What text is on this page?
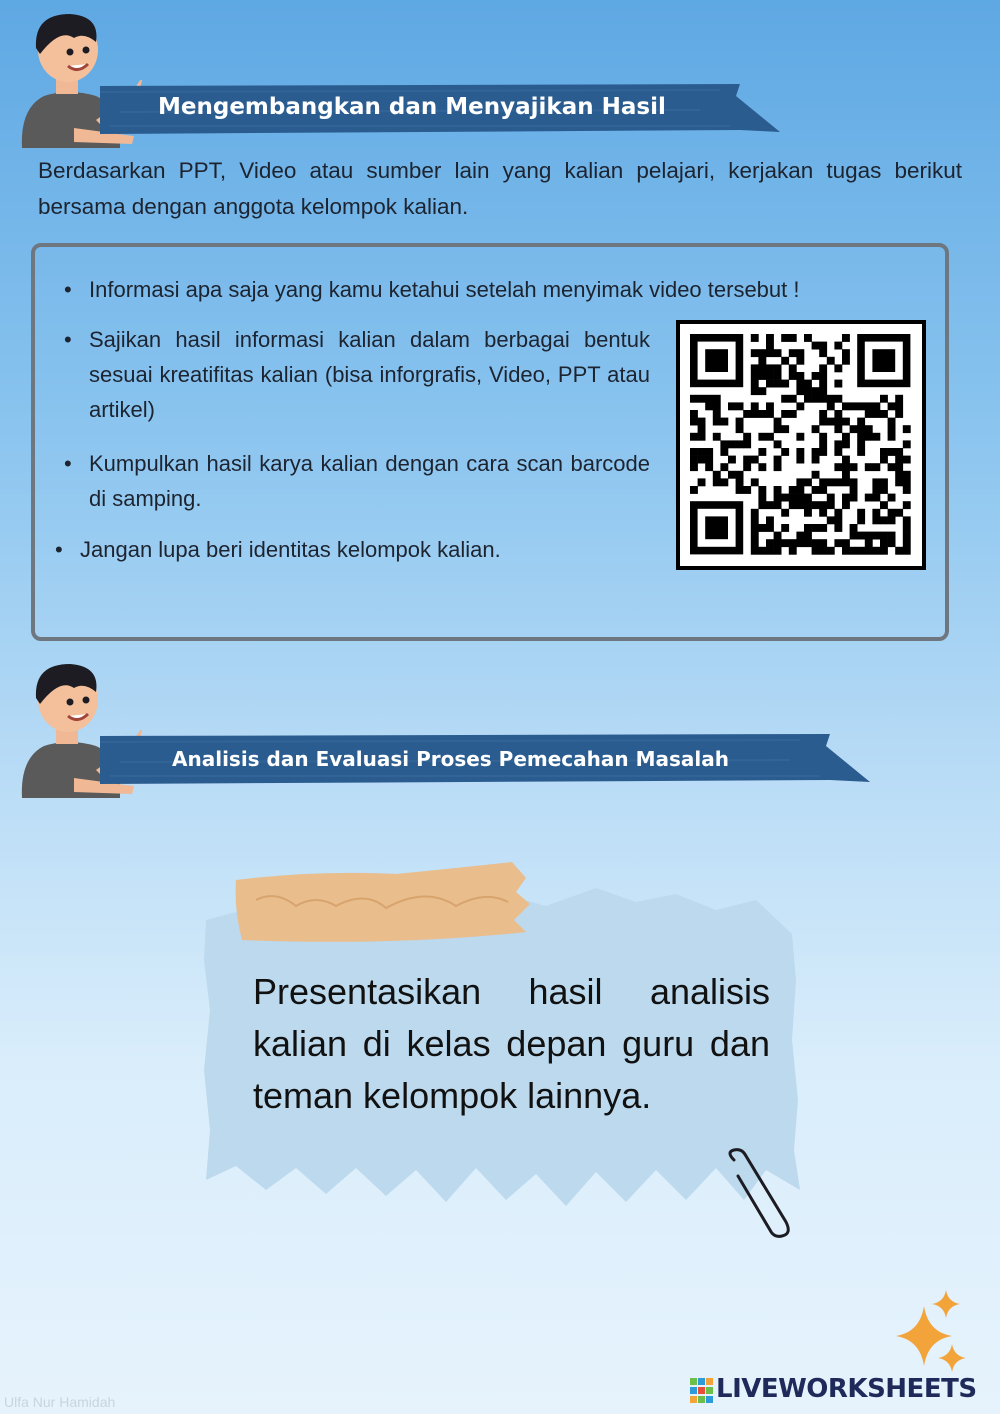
Mengembangkan dan Menyajikan Hasil
Berdasarkan PPT, Video atau sumber lain yang kalian pelajari, kerjakan tugas berikut bersama dengan anggota kelompok kalian.
• Informasi apa saja yang kamu ketahui setelah menyimak video tersebut !
• Sajikan hasil informasi kalian dalam berbagai bentuk sesuai kreatifitas kalian (bisa inforgrafis, Video, PPT atau artikel)
• Kumpulkan hasil karya kalian dengan cara scan barcode di samping.
• Jangan lupa beri identitas kelompok kalian.
Analisis dan Evaluasi Proses Pemecahan Masalah
Presentasikan hasil analisis kalian di kelas depan guru dan teman kelompok lainnya.
Ulfa Nur Hamidah	LIVEWORKSHEETS
